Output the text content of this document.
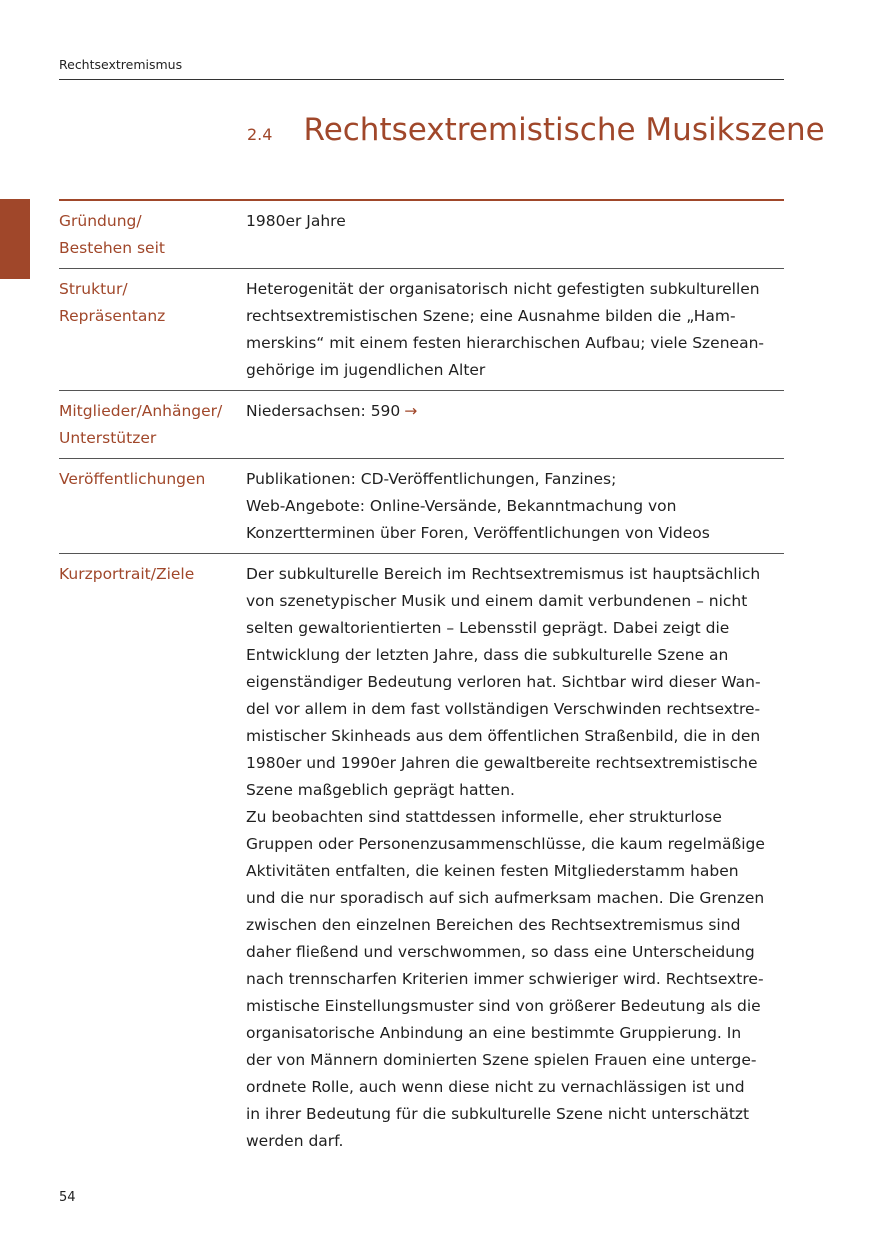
Rechtsextremismus
2.4 Rechtsextremistische Musikszene
Gründung/
Bestehen seit
1980er Jahre
Struktur/
Repräsentanz
Heterogenität der organisatorisch nicht gefestigten subkulturellen
rechtsextremistischen Szene; eine Ausnahme bilden die „Ham-
merskins“ mit einem festen hierarchischen Aufbau; viele Szenean-
gehörige im jugendlichen Alter
Mitglieder/Anhänger/
Unterstützer
Niedersachsen: 590 →
Veröffentlichungen	Publikationen: CD-Veröffentlichungen, Fanzines;
Web-Angebote: Online-Versände, Bekanntmachung von
Konzertterminen über Foren, Veröffentlichungen von Videos
Kurzportrait/Ziele	Der subkulturelle Bereich im Rechtsextremismus ist hauptsächlich
von szenetypischer Musik und einem damit verbundenen – nicht
selten gewaltorientierten – Lebensstil geprägt. Dabei zeigt die
Entwicklung der letzten Jahre, dass die subkulturelle Szene an
eigenständiger Bedeutung verloren hat. Sichtbar wird dieser Wan-
del vor allem in dem fast vollständigen Verschwinden rechtsextre-
mistischer Skinheads aus dem öffentlichen Straßenbild, die in den
1980er und 1990er Jahren die gewaltbereite rechtsextremistische
Szene maßgeblich geprägt hatten.
Zu beobachten sind stattdessen informelle, eher strukturlose
Gruppen oder Personenzusammenschlüsse, die kaum regelmäßige
Aktivitäten entfalten, die keinen festen Mitgliederstamm haben
und die nur sporadisch auf sich aufmerksam machen. Die Grenzen
zwischen den einzelnen Bereichen des Rechtsextremismus sind
daher fließend und verschwommen, so dass eine Unterscheidung
nach trennscharfen Kriterien immer schwieriger wird. Rechtsextre-
mistische Einstellungsmuster sind von größerer Bedeutung als die
organisatorische Anbindung an eine bestimmte Gruppierung. In
der von Männern dominierten Szene spielen Frauen eine unterge-
ordnete Rolle, auch wenn diese nicht zu vernachlässigen ist und
in ihrer Bedeutung für die subkulturelle Szene nicht unterschätzt
werden darf.
54
